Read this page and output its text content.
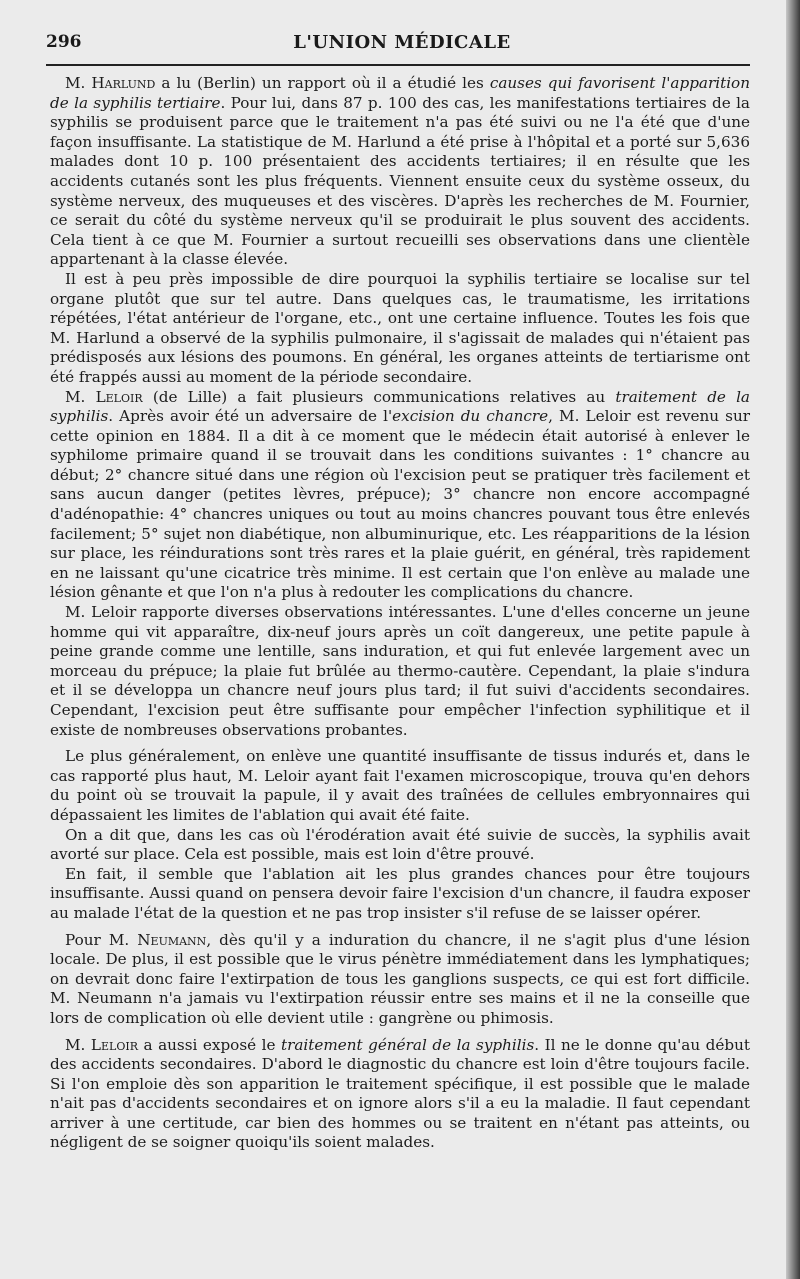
296	L'UNION MÉDICALE

M. Harlund a lu (Berlin) un rapport où il a étudié les causes qui favorisent l'apparition de la syphilis tertiaire. Pour lui, dans 87 p. 100 des cas, les manifestations tertiaires de la syphilis se produisent parce que le traitement n'a pas été suivi ou ne l'a été que d'une façon insuffisante. La statistique de M. Harlund a été prise à l'hôpital et a porté sur 5,636 malades dont 10 p. 100 présentaient des accidents tertiaires; il en résulte que les accidents cutanés sont les plus fréquents. Viennent ensuite ceux du système osseux, du système nerveux, des muqueuses et des viscères. D'après les recherches de M. Fournier, ce serait du côté du système nerveux qu'il se produirait le plus souvent des accidents. Cela tient à ce que M. Fournier a surtout recueilli ses observations dans une clientèle appartenant à la classe élevée.

Il est à peu près impossible de dire pourquoi la syphilis tertiaire se localise sur tel organe plutôt que sur tel autre. Dans quelques cas, le traumatisme, les irritations répétées, l'état antérieur de l'organe, etc., ont une certaine influence. Toutes les fois que M. Harlund a observé de la syphilis pulmonaire, il s'agissait de malades qui n'étaient pas prédisposés aux lésions des poumons. En général, les organes atteints de tertiarisme ont été frappés aussi au moment de la période secondaire.

M. Leloir (de Lille) a fait plusieurs communications relatives au traitement de la syphilis. Après avoir été un adversaire de l'excision du chancre, M. Leloir est revenu sur cette opinion en 1884. Il a dit à ce moment que le médecin était autorisé à enlever le syphilome primaire quand il se trouvait dans les conditions suivantes : 1° chancre au début; 2° chancre situé dans une région où l'excision peut se pratiquer très facilement et sans aucun danger (petites lèvres, prépuce); 3° chancre non encore accompagné d'adénopathie: 4° chancres uniques ou tout au moins chancres pouvant tous être enlevés facilement; 5° sujet non diabétique, non albuminurique, etc. Les réapparitions de la lésion sur place, les réindurations sont très rares et la plaie guérit, en général, très rapidement en ne laissant qu'une cicatrice très minime. Il est certain que l'on enlève au malade une lésion gênante et que l'on n'a plus à redouter les complications du chancre.

M. Leloir rapporte diverses observations intéressantes. L'une d'elles concerne un jeune homme qui vit apparaître, dix-neuf jours après un coït dangereux, une petite papule à peine grande comme une lentille, sans induration, et qui fut enlevée largement avec un morceau du prépuce; la plaie fut brûlée au thermo-cautère. Cependant, la plaie s'indura et il se développa un chancre neuf jours plus tard; il fut suivi d'accidents secondaires. Cependant, l'excision peut être suffisante pour empêcher l'infection syphilitique et il existe de nombreuses observations probantes.

Le plus généralement, on enlève une quantité insuffisante de tissus indurés et, dans le cas rapporté plus haut, M. Leloir ayant fait l'examen microscopique, trouva qu'en dehors du point où se trouvait la papule, il y avait des traînées de cellules embryonnaires qui dépassaient les limites de l'ablation qui avait été faite.

On a dit que, dans les cas où l'érodération avait été suivie de succès, la syphilis avait avorté sur place. Cela est possible, mais est loin d'être prouvé.

En fait, il semble que l'ablation ait les plus grandes chances pour être toujours insuffisante. Aussi quand on pensera devoir faire l'excision d'un chancre, il faudra exposer au malade l'état de la question et ne pas trop insister s'il refuse de se laisser opérer.

Pour M. Neumann, dès qu'il y a induration du chancre, il ne s'agit plus d'une lésion locale. De plus, il est possible que le virus pénètre immédiatement dans les lymphatiques; on devrait donc faire l'extirpation de tous les ganglions suspects, ce qui est fort difficile. M. Neumann n'a jamais vu l'extirpation réussir entre ses mains et il ne la conseille que lors de complication où elle devient utile : gangrène ou phimosis.

M. Leloir a aussi exposé le traitement général de la syphilis. Il ne le donne qu'au début des accidents secondaires. D'abord le diagnostic du chancre est loin d'être toujours facile. Si l'on emploie dès son apparition le traitement spécifique, il est possible que le malade n'ait pas d'accidents secondaires et on ignore alors s'il a eu la maladie. Il faut cependant arriver à une certitude, car bien des hommes ou se traitent en n'étant pas atteints, ou négligent de se soigner quoiqu'ils soient malades.
